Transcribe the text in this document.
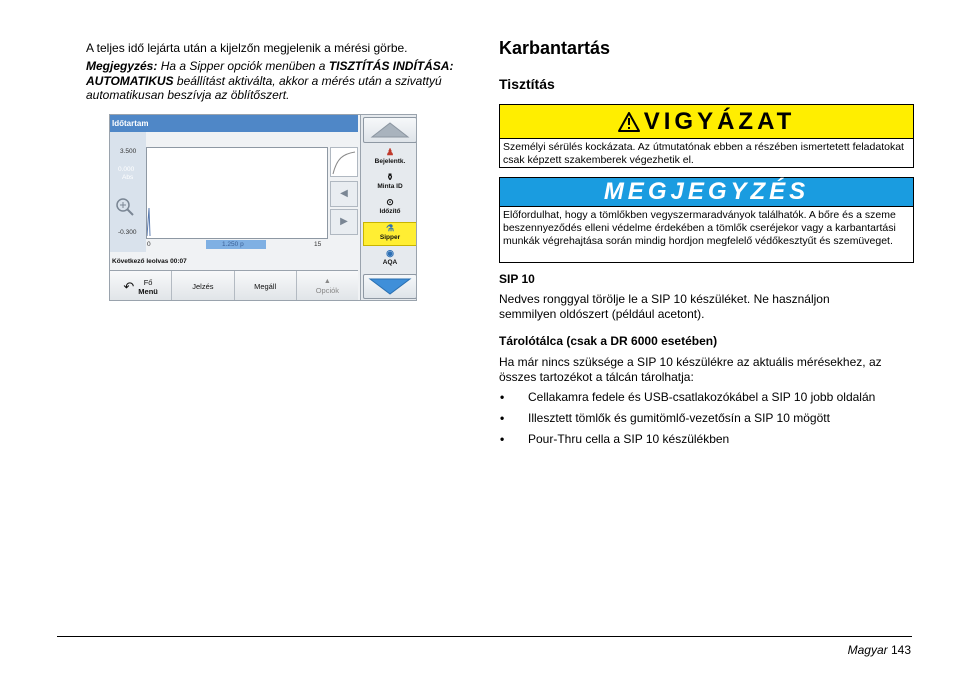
A teljes idő lejárta után a kijelzőn megjelenik a mérési görbe.
Megjegyzés: Ha a Sipper opciók menüben a TISZTÍTÁS INDÍTÁSA: AUTOMATIKUS beállítást aktiválta, akkor a mérés után a szivattyú automatikusan beszívja az öblítőszert.
Időtartam
3.500
0.000
Abs
-0.300
0	1.250 p	15
◀
▶
Következő leolvas 00:07
↶ Fő
Menü	Jelzés	Megáll
▲
Opciók
♟
Bejelentk.
⚱
Minta ID
⊙
Időzítő
⚗
Sipper
◉
AQA
Karbantartás
Tisztítás
VIGYÁZAT
Személyi sérülés kockázata. Az útmutatónak ebben a részében ismertetett feladatokat csak képzett szakemberek végezhetik el.
MEGJEGYZÉS
Előfordulhat, hogy a tömlőkben vegyszermaradványok találhatók. A bőre és a szeme beszennyeződés elleni védelme érdekében a tömlők cseréjekor vagy a karbantartási munkák végrehajtása során mindig hordjon megfelelő védőkesztyűt és szemüveget.
SIP 10
Nedves ronggyal törölje le a SIP 10 készüléket. Ne használjon semmilyen oldószert (például acetont).
Tárolótálca (csak a DR 6000 esetében)
Ha már nincs szüksége a SIP 10 készülékre az aktuális mérésekhez, az összes tartozékot a tálcán tárolhatja:
• Cellakamra fedele és USB-csatlakozókábel a SIP 10 jobb oldalán
• Illesztett tömlők és gumitömlő-vezetősín a SIP 10 mögött
• Pour-Thru cella a SIP 10 készülékben
Magyar 143
